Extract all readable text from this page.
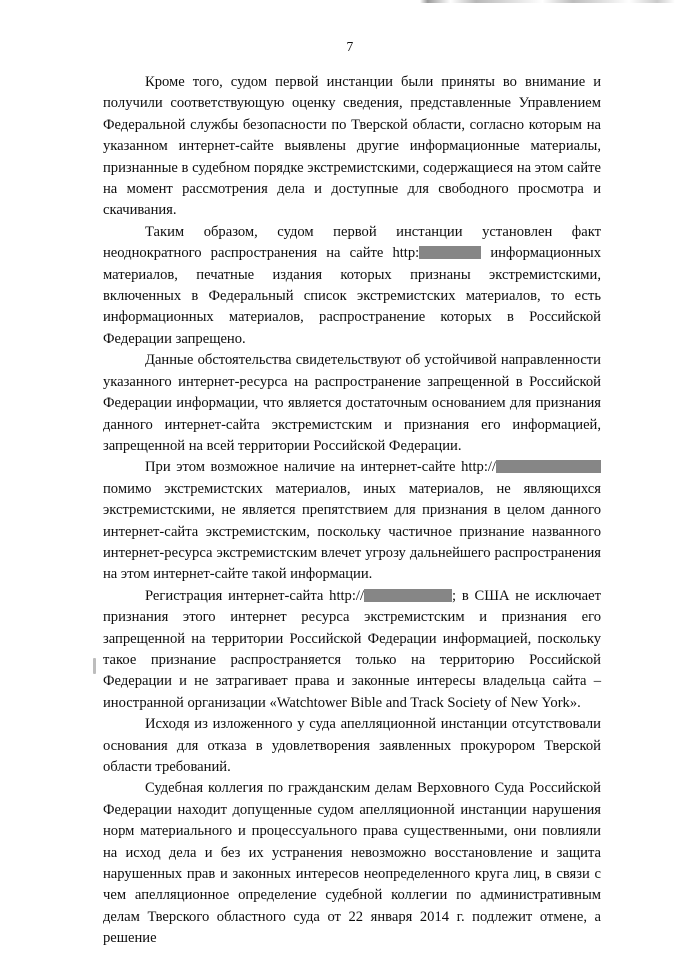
7

Кроме того, судом первой инстанции были приняты во внимание и получили соответствующую оценку сведения, представленные Управлением Федеральной службы безопасности по Тверской области, согласно которым на указанном интернет-сайте выявлены другие информационные материалы, признанные в судебном порядке экстремистскими, содержащиеся на этом сайте на момент рассмотрения дела и доступные для свободного просмотра и скачивания.

Таким образом, судом первой инстанции установлен факт неоднократного распространения на сайте http:	информационных материалов, печатные издания которых признаны экстремистскими, включенных в Федеральный список экстремистских материалов, то есть информационных материалов, распространение которых в Российской Федерации запрещено.

Данные обстоятельства свидетельствуют об устойчивой направленности указанного интернет-ресурса на распространение запрещенной в Российской Федерации информации, что является достаточным основанием для признания данного интернет-сайта экстремистским и признания его информацией, запрещенной на всей территории Российской Федерации.

При этом возможное наличие на интернет-сайте http:// помимо экстремистских материалов, иных материалов, не являющихся экстремистскими, не является препятствием для признания в целом данного интернет-сайта экстремистским, поскольку частичное признание названного интернет-ресурса экстремистским влечет угрозу дальнейшего распространения на этом интернет-сайте такой информации.

Регистрация интернет-сайта http://	; в США не исключает признания этого интернет ресурса экстремистским и признания его запрещенной на территории Российской Федерации информацией, поскольку такое признание распространяется только на территорию Российской Федерации и не затрагивает права и законные интересы владельца сайта – иностранной организации «Watchtower Bible and Track Society of New York».

Исходя из изложенного у суда апелляционной инстанции отсутствовали основания для отказа в удовлетворения заявленных прокурором Тверской области требований.

Судебная коллегия по гражданским делам Верховного Суда Российской Федерации находит допущенные судом апелляционной инстанции нарушения норм материального и процессуального права существенными, они повлияли на исход дела и без их устранения невозможно восстановление и защита нарушенных прав и законных интересов неопределенного круга лиц, в связи с чем апелляционное определение судебной коллегии по административным делам Тверского областного суда от 22 января 2014 г. подлежит отмене, а решение
